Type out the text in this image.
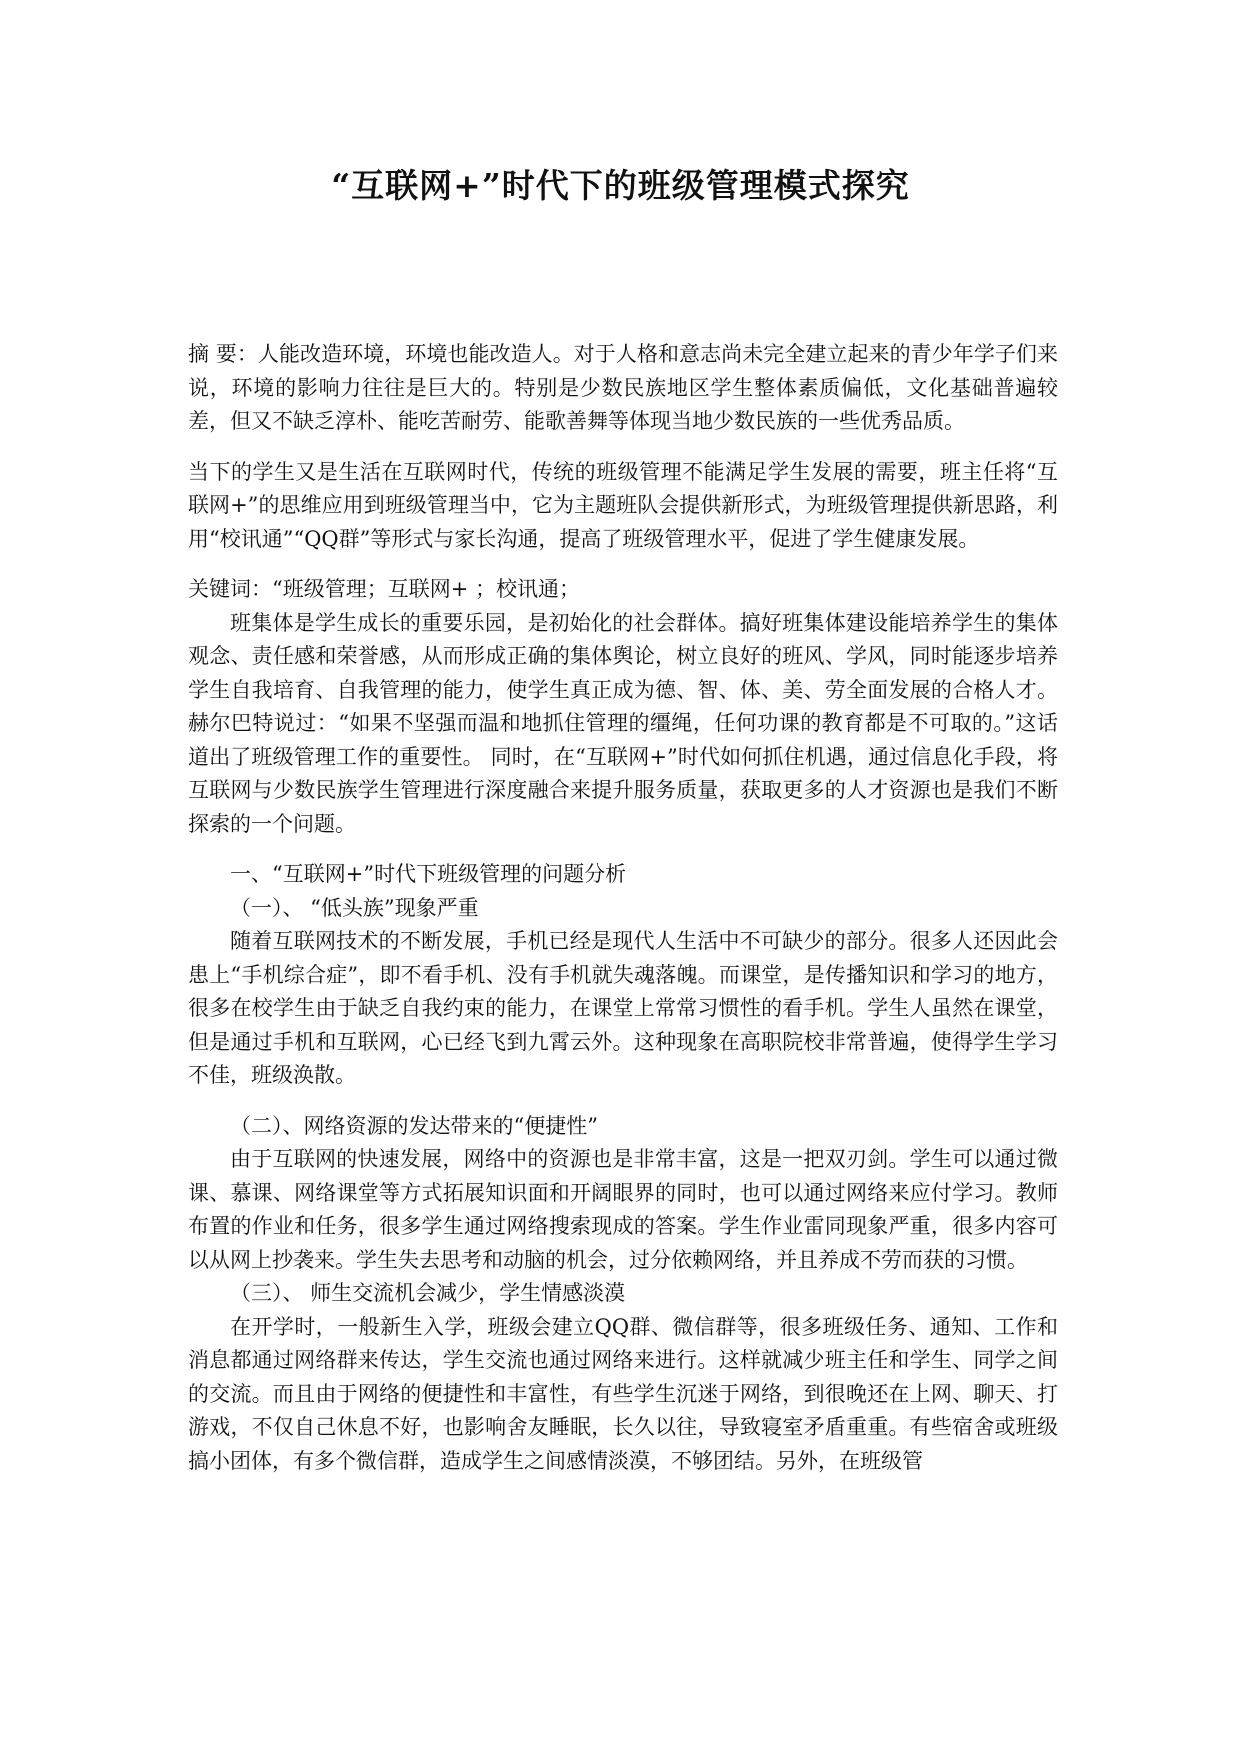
“互联网+”时代下的班级管理模式探究

摘 要：人能改造环境，环境也能改造人。对于人格和意志尚未完全建立起来的青少年学子们来说，环境的影响力往往是巨大的。特别是少数民族地区学生整体素质偏低，文化基础普遍较差，但又不缺乏淳朴、能吃苦耐劳、能歌善舞等体现当地少数民族的一些优秀品质。

当下的学生又是生活在互联网时代，传统的班级管理不能满足学生发展的需要，班主任将“互联网+”的思维应用到班级管理当中，它为主题班队会提供新形式，为班级管理提供新思路，利用“校讯通”“QQ群”等形式与家长沟通，提高了班级管理水平，促进了学生健康发展。

关键词：“班级管理；互联网+ ；校讯通；

班集体是学生成长的重要乐园，是初始化的社会群体。搞好班集体建设能培养学生的集体观念、责任感和荣誉感，从而形成正确的集体舆论，树立良好的班风、学风，同时能逐步培养学生自我培育、自我管理的能力，使学生真正成为德、智、体、美、劳全面发展的合格人才。赫尔巴特说过：“如果不坚强而温和地抓住管理的缰绳，任何功课的教育都是不可取的。”这话道出了班级管理工作的重要性。 同时，在“互联网+”时代如何抓住机遇，通过信息化手段，将互联网与少数民族学生管理进行深度融合来提升服务质量，获取更多的人才资源也是我们不断探索的一个问题。

一、“互联网+”时代下班级管理的问题分析

（一）、 “低头族”现象严重

随着互联网技术的不断发展，手机已经是现代人生活中不可缺少的部分。很多人还因此会患上“手机综合症”，即不看手机、没有手机就失魂落魄。而课堂，是传播知识和学习的地方，很多在校学生由于缺乏自我约束的能力，在课堂上常常习惯性的看手机。学生人虽然在课堂，但是通过手机和互联网，心已经飞到九霄云外。这种现象在高职院校非常普遍，使得学生学习不佳，班级涣散。

（二）、网络资源的发达带来的“便捷性”

由于互联网的快速发展，网络中的资源也是非常丰富，这是一把双刃剑。学生可以通过微课、慕课、网络课堂等方式拓展知识面和开阔眼界的同时，也可以通过网络来应付学习。教师布置的作业和任务，很多学生通过网络搜索现成的答案。学生作业雷同现象严重，很多内容可以从网上抄袭来。学生失去思考和动脑的机会，过分依赖网络，并且养成不劳而获的习惯。

（三）、 师生交流机会减少，学生情感淡漠

在开学时，一般新生入学，班级会建立QQ群、微信群等，很多班级任务、通知、工作和消息都通过网络群来传达，学生交流也通过网络来进行。这样就减少班主任和学生、同学之间的交流。而且由于网络的便捷性和丰富性，有些学生沉迷于网络，到很晚还在上网、聊天、打游戏，不仅自己休息不好，也影响舍友睡眠，长久以往，导致寝室矛盾重重。有些宿舍或班级搞小团体，有多个微信群，造成学生之间感情淡漠，不够团结。另外，在班级管
